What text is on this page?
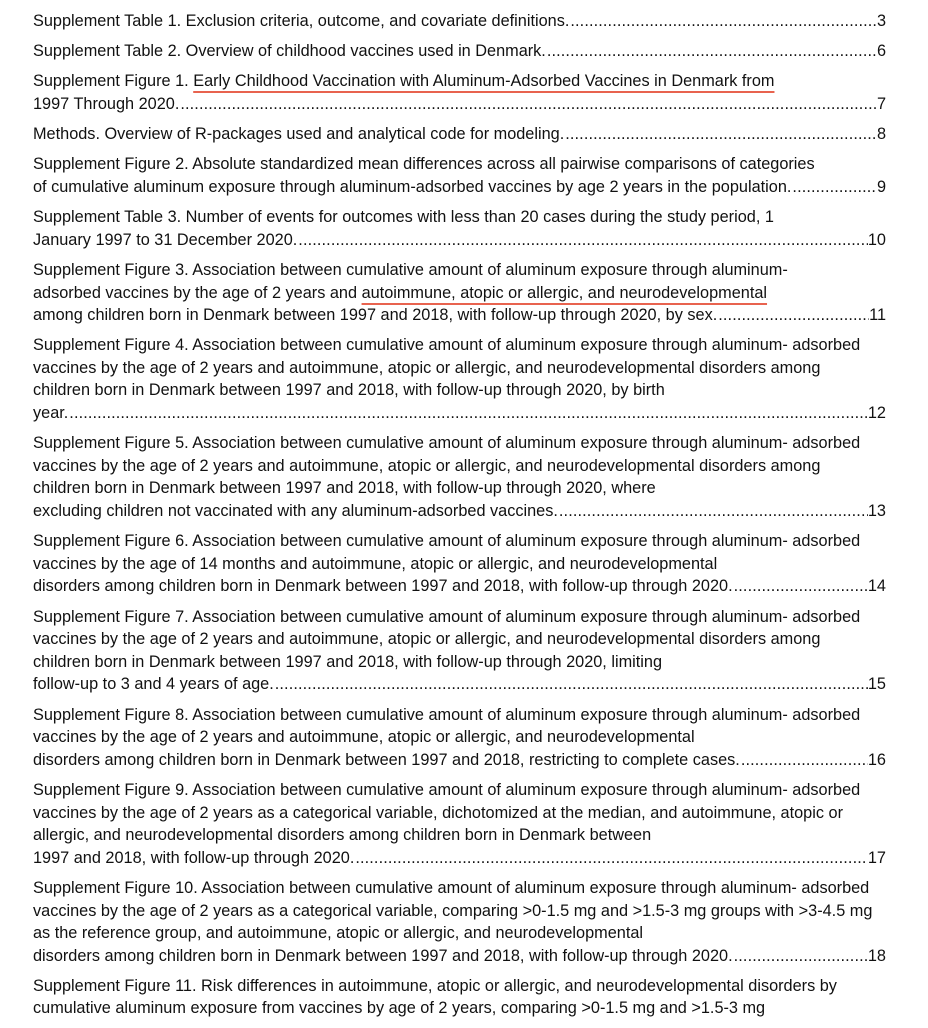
Supplement Table 1. Exclusion criteria, outcome, and covariate definitions. . . .	3
Supplement Table 2. Overview of childhood vaccines used in Denmark. . . .	6
Supplement Figure 1. Early Childhood Vaccination with Aluminum-Adsorbed Vaccines in Denmark from
1997 Through 2020. . . .	7
Methods. Overview of R-packages used and analytical code for modeling. . . .	8
Supplement Figure 2. Absolute standardized mean differences across all pairwise comparisons of categories
of cumulative aluminum exposure through aluminum-adsorbed vaccines by age 2 years in the population. . . .	9
Supplement Table 3. Number of events for outcomes with less than 20 cases during the study period, 1
January 1997 to 31 December 2020. . . .	10
Supplement Figure 3. Association between cumulative amount of aluminum exposure through aluminum-
adsorbed vaccines by the age of 2 years and autoimmune, atopic or allergic, and neurodevelopmental
among children born in Denmark between 1997 and 2018, with follow-up through 2020, by sex. . . .	11
Supplement Figure 4. Association between cumulative amount of aluminum exposure through aluminum- adsorbed vaccines by the age of 2 years and autoimmune, atopic or allergic, and neurodevelopmental disorders among children born in Denmark between 1997 and 2018, with follow-up through 2020, by birth
year. . . .	12
Supplement Figure 5. Association between cumulative amount of aluminum exposure through aluminum- adsorbed vaccines by the age of 2 years and autoimmune, atopic or allergic, and neurodevelopmental disorders among children born in Denmark between 1997 and 2018, with follow-up through 2020, where
excluding children not vaccinated with any aluminum-adsorbed vaccines. . . .	13
Supplement Figure 6. Association between cumulative amount of aluminum exposure through aluminum- adsorbed vaccines by the age of 14 months and autoimmune, atopic or allergic, and neurodevelopmental
disorders among children born in Denmark between 1997 and 2018, with follow-up through 2020. . . .	14
Supplement Figure 7. Association between cumulative amount of aluminum exposure through aluminum- adsorbed vaccines by the age of 2 years and autoimmune, atopic or allergic, and neurodevelopmental disorders among children born in Denmark between 1997 and 2018, with follow-up through 2020, limiting
follow-up to 3 and 4 years of age. . . .	15
Supplement Figure 8. Association between cumulative amount of aluminum exposure through aluminum- adsorbed vaccines by the age of 2 years and autoimmune, atopic or allergic, and neurodevelopmental
disorders among children born in Denmark between 1997 and 2018, restricting to complete cases. . . .	16
Supplement Figure 9. Association between cumulative amount of aluminum exposure through aluminum- adsorbed vaccines by the age of 2 years as a categorical variable, dichotomized at the median, and autoimmune, atopic or allergic, and neurodevelopmental disorders among children born in Denmark between
1997 and 2018, with follow-up through 2020. . . .	17
Supplement Figure 10. Association between cumulative amount of aluminum exposure through aluminum- adsorbed vaccines by the age of 2 years as a categorical variable, comparing >0-1.5 mg and >1.5-3 mg groups with >3-4.5 mg as the reference group, and autoimmune, atopic or allergic, and neurodevelopmental
disorders among children born in Denmark between 1997 and 2018, with follow-up through 2020. . . .	18
Supplement Figure 11. Risk differences in autoimmune, atopic or allergic, and neurodevelopmental disorders by cumulative aluminum exposure from vaccines by age of 2 years, comparing >0-1.5 mg and >1.5-3 mg
